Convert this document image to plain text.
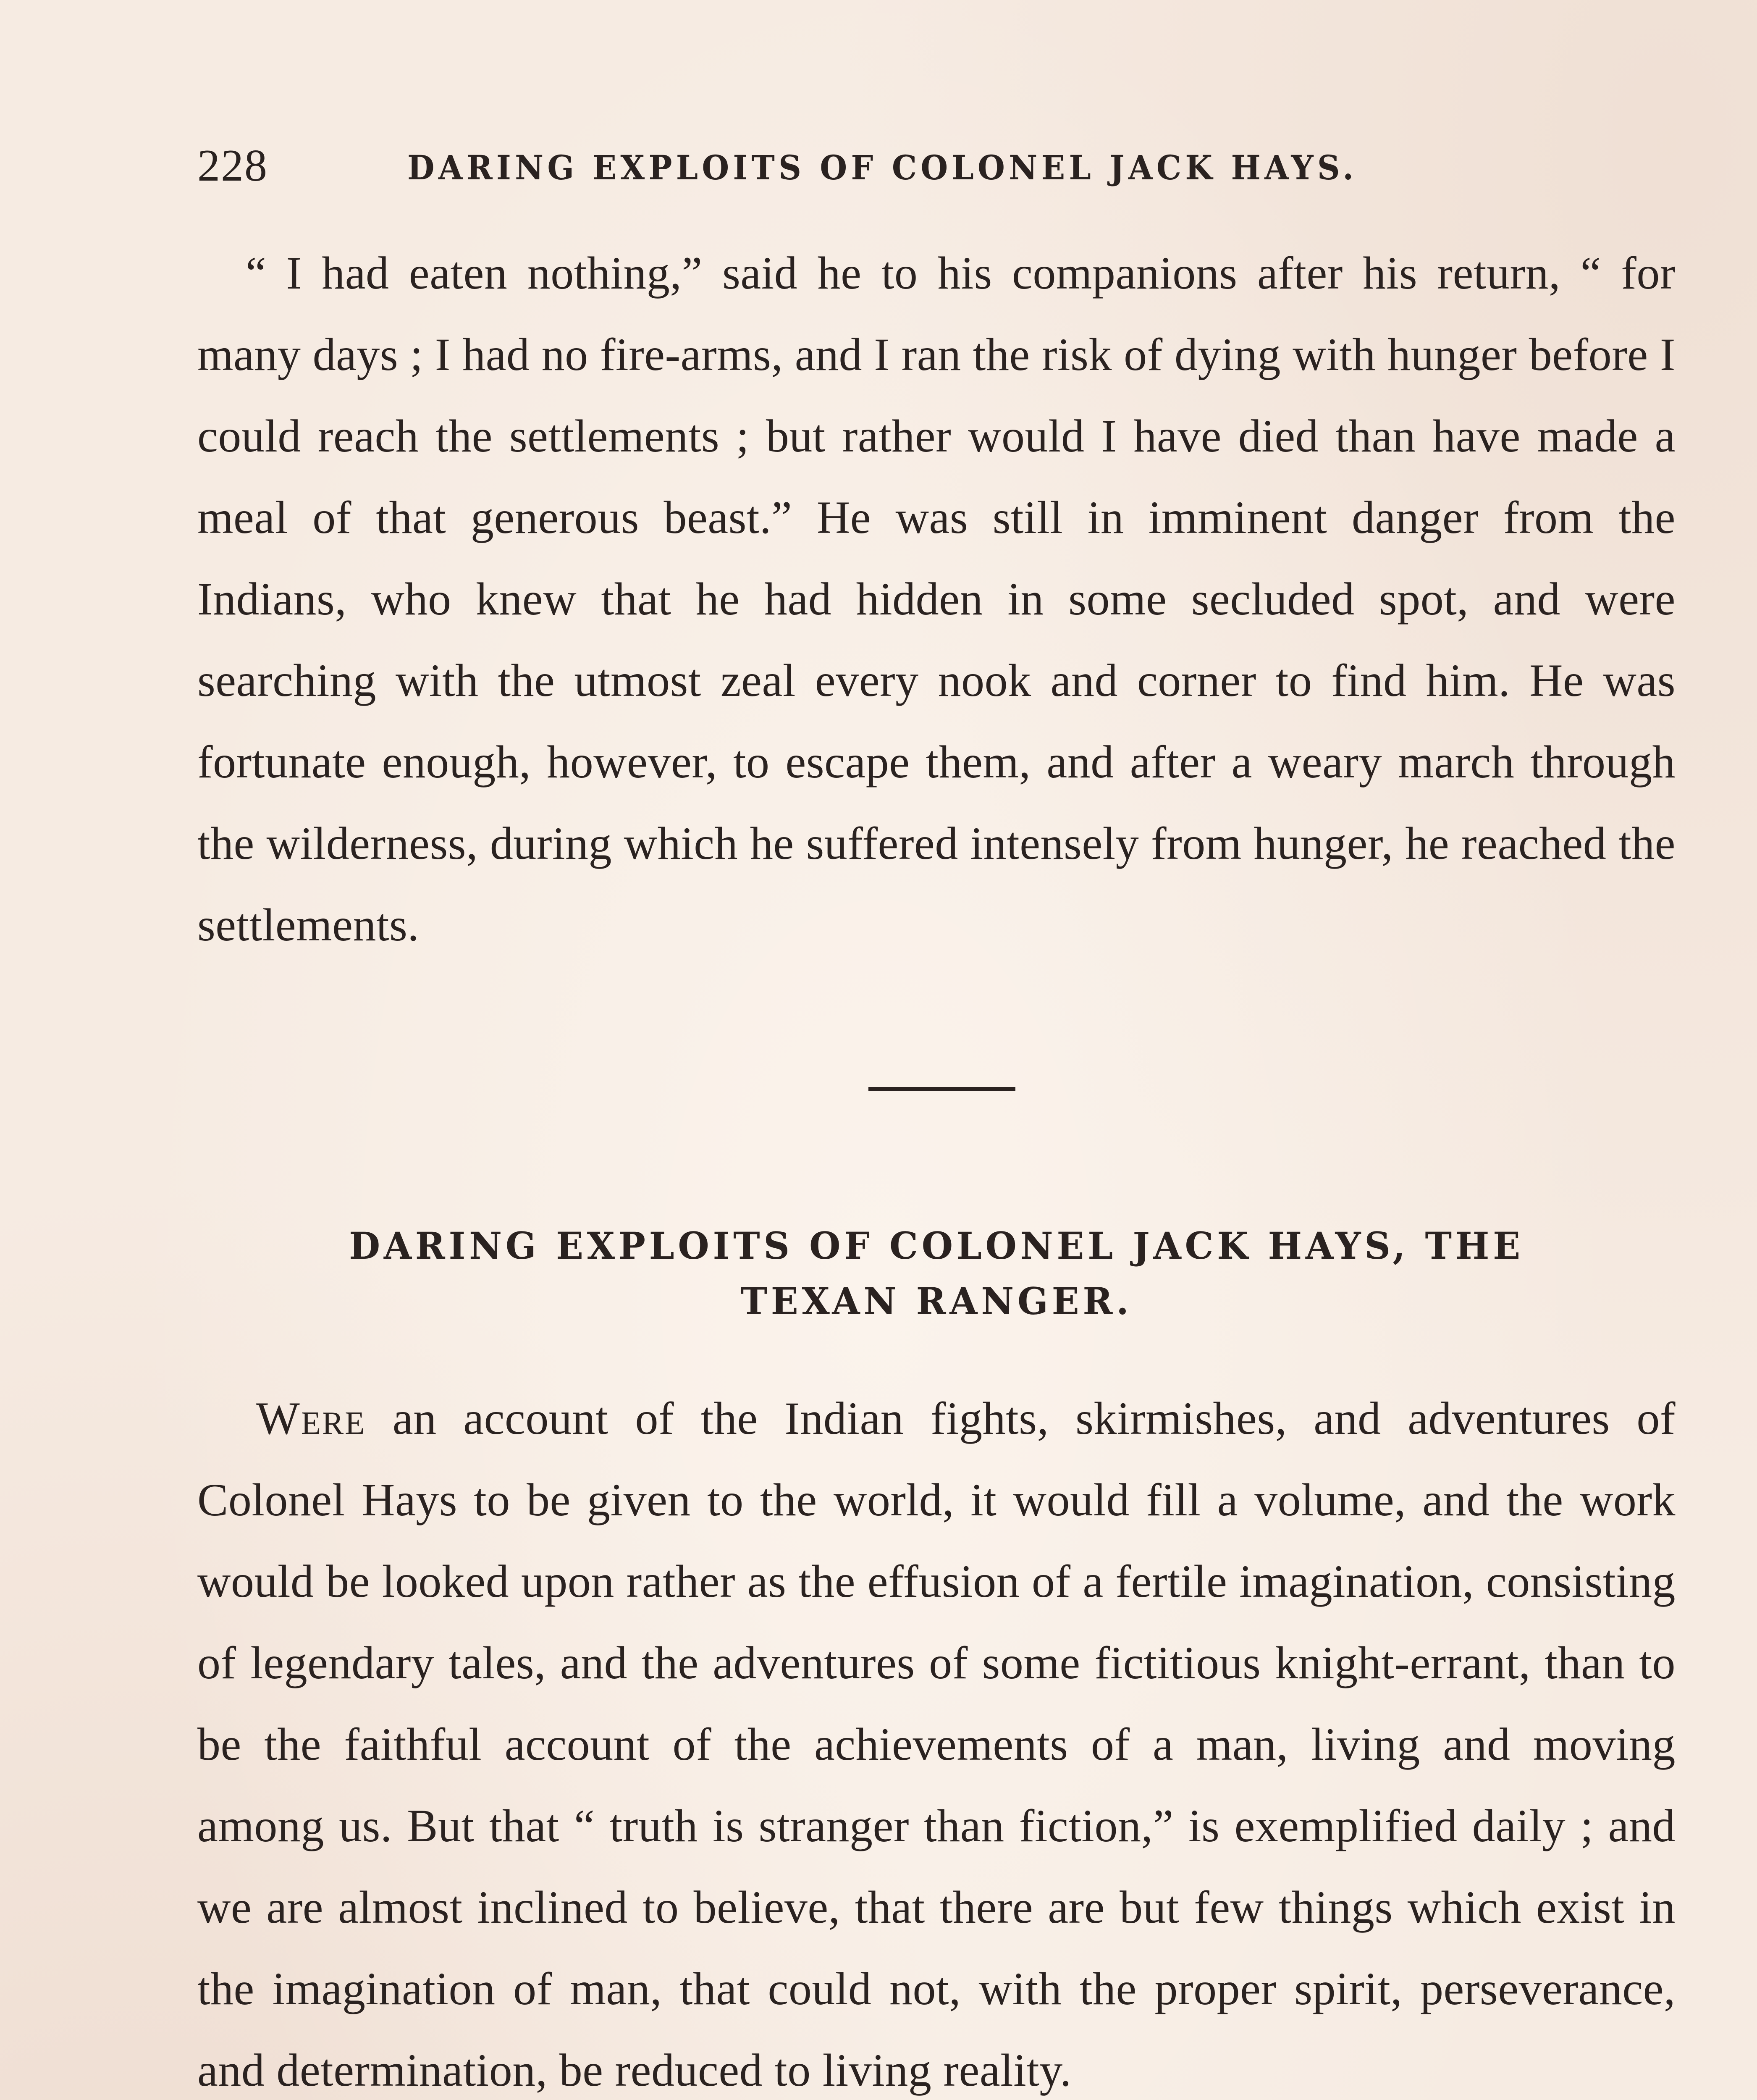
228	DARING EXPLOITS OF COLONEL JACK HAYS.

“ I had eaten nothing,” said he to his companions after his return, “ for many days ; I had no fire-arms, and I ran the risk of dying with hunger before I could reach the settlements ; but rather would I have died than have made a meal of that generous beast.” He was still in imminent danger from the Indians, who knew that he had hidden in some secluded spot, and were searching with the utmost zeal every nook and corner to find him. He was fortunate enough, however, to escape them, and after a weary march through the wilderness, during which he suffered intensely from hunger, he reached the settlements.

DARING EXPLOITS OF COLONEL JACK HAYS, THE
TEXAN RANGER.

Were an account of the Indian fights, skirmishes, and adventures of Colonel Hays to be given to the world, it would fill a volume, and the work would be looked upon rather as the effusion of a fertile imagination, consisting of legendary tales, and the adventures of some fictitious knight-errant, than to be the faithful account of the achievements of a man, living and moving among us. But that “ truth is stranger than fiction,” is exemplified daily ; and we are almost inclined to believe, that there are but few things which exist in the imagination of man, that could not, with the proper spirit, perseverance, and determination, be reduced to living reality.
